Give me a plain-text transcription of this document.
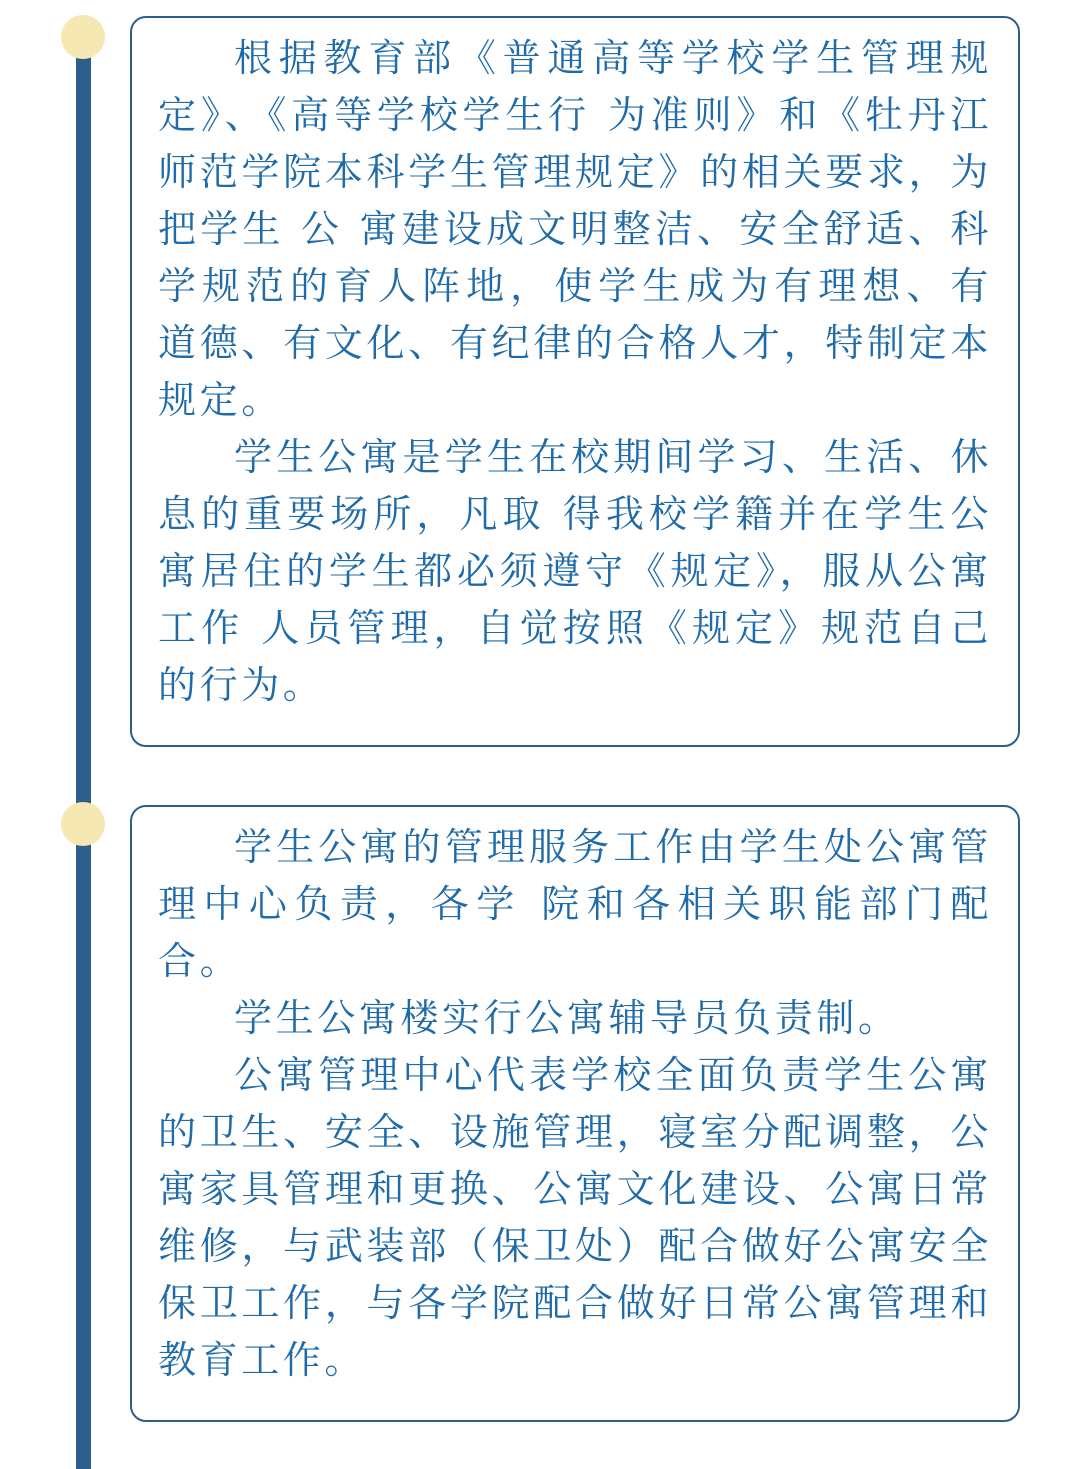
根据教育部《普通高等学校学生管理规定》、《高等学校学生行 为准则》和《牡丹江师范学院本科学生管理规定》的相关要求，为把学生 公 寓建设成文明整洁、安全舒适、科学规范的育人阵地，使学生成为有理想、有 道德、有文化、有纪律的合格人才，特制定本规定。

学生公寓是学生在校期间学习、生活、休息的重要场所，凡取 得我校学籍并在学生公寓居住的学生都必须遵守《规定》，服从公寓工作 人员管理，自觉按照《规定》规范自己的行为。

学生公寓的管理服务工作由学生处公寓管理中心负责，各学 院和各相关职能部门配合。

学生公寓楼实行公寓辅导员负责制。

公寓管理中心代表学校全面负责学生公寓的卫生、安全、设施管理，寝室分配调整，公寓家具管理和更换、公寓文化建设、公寓日常维修，与武装部（保卫处）配合做好公寓安全保卫工作，与各学院配合做好日常公寓管理和教育工作。
